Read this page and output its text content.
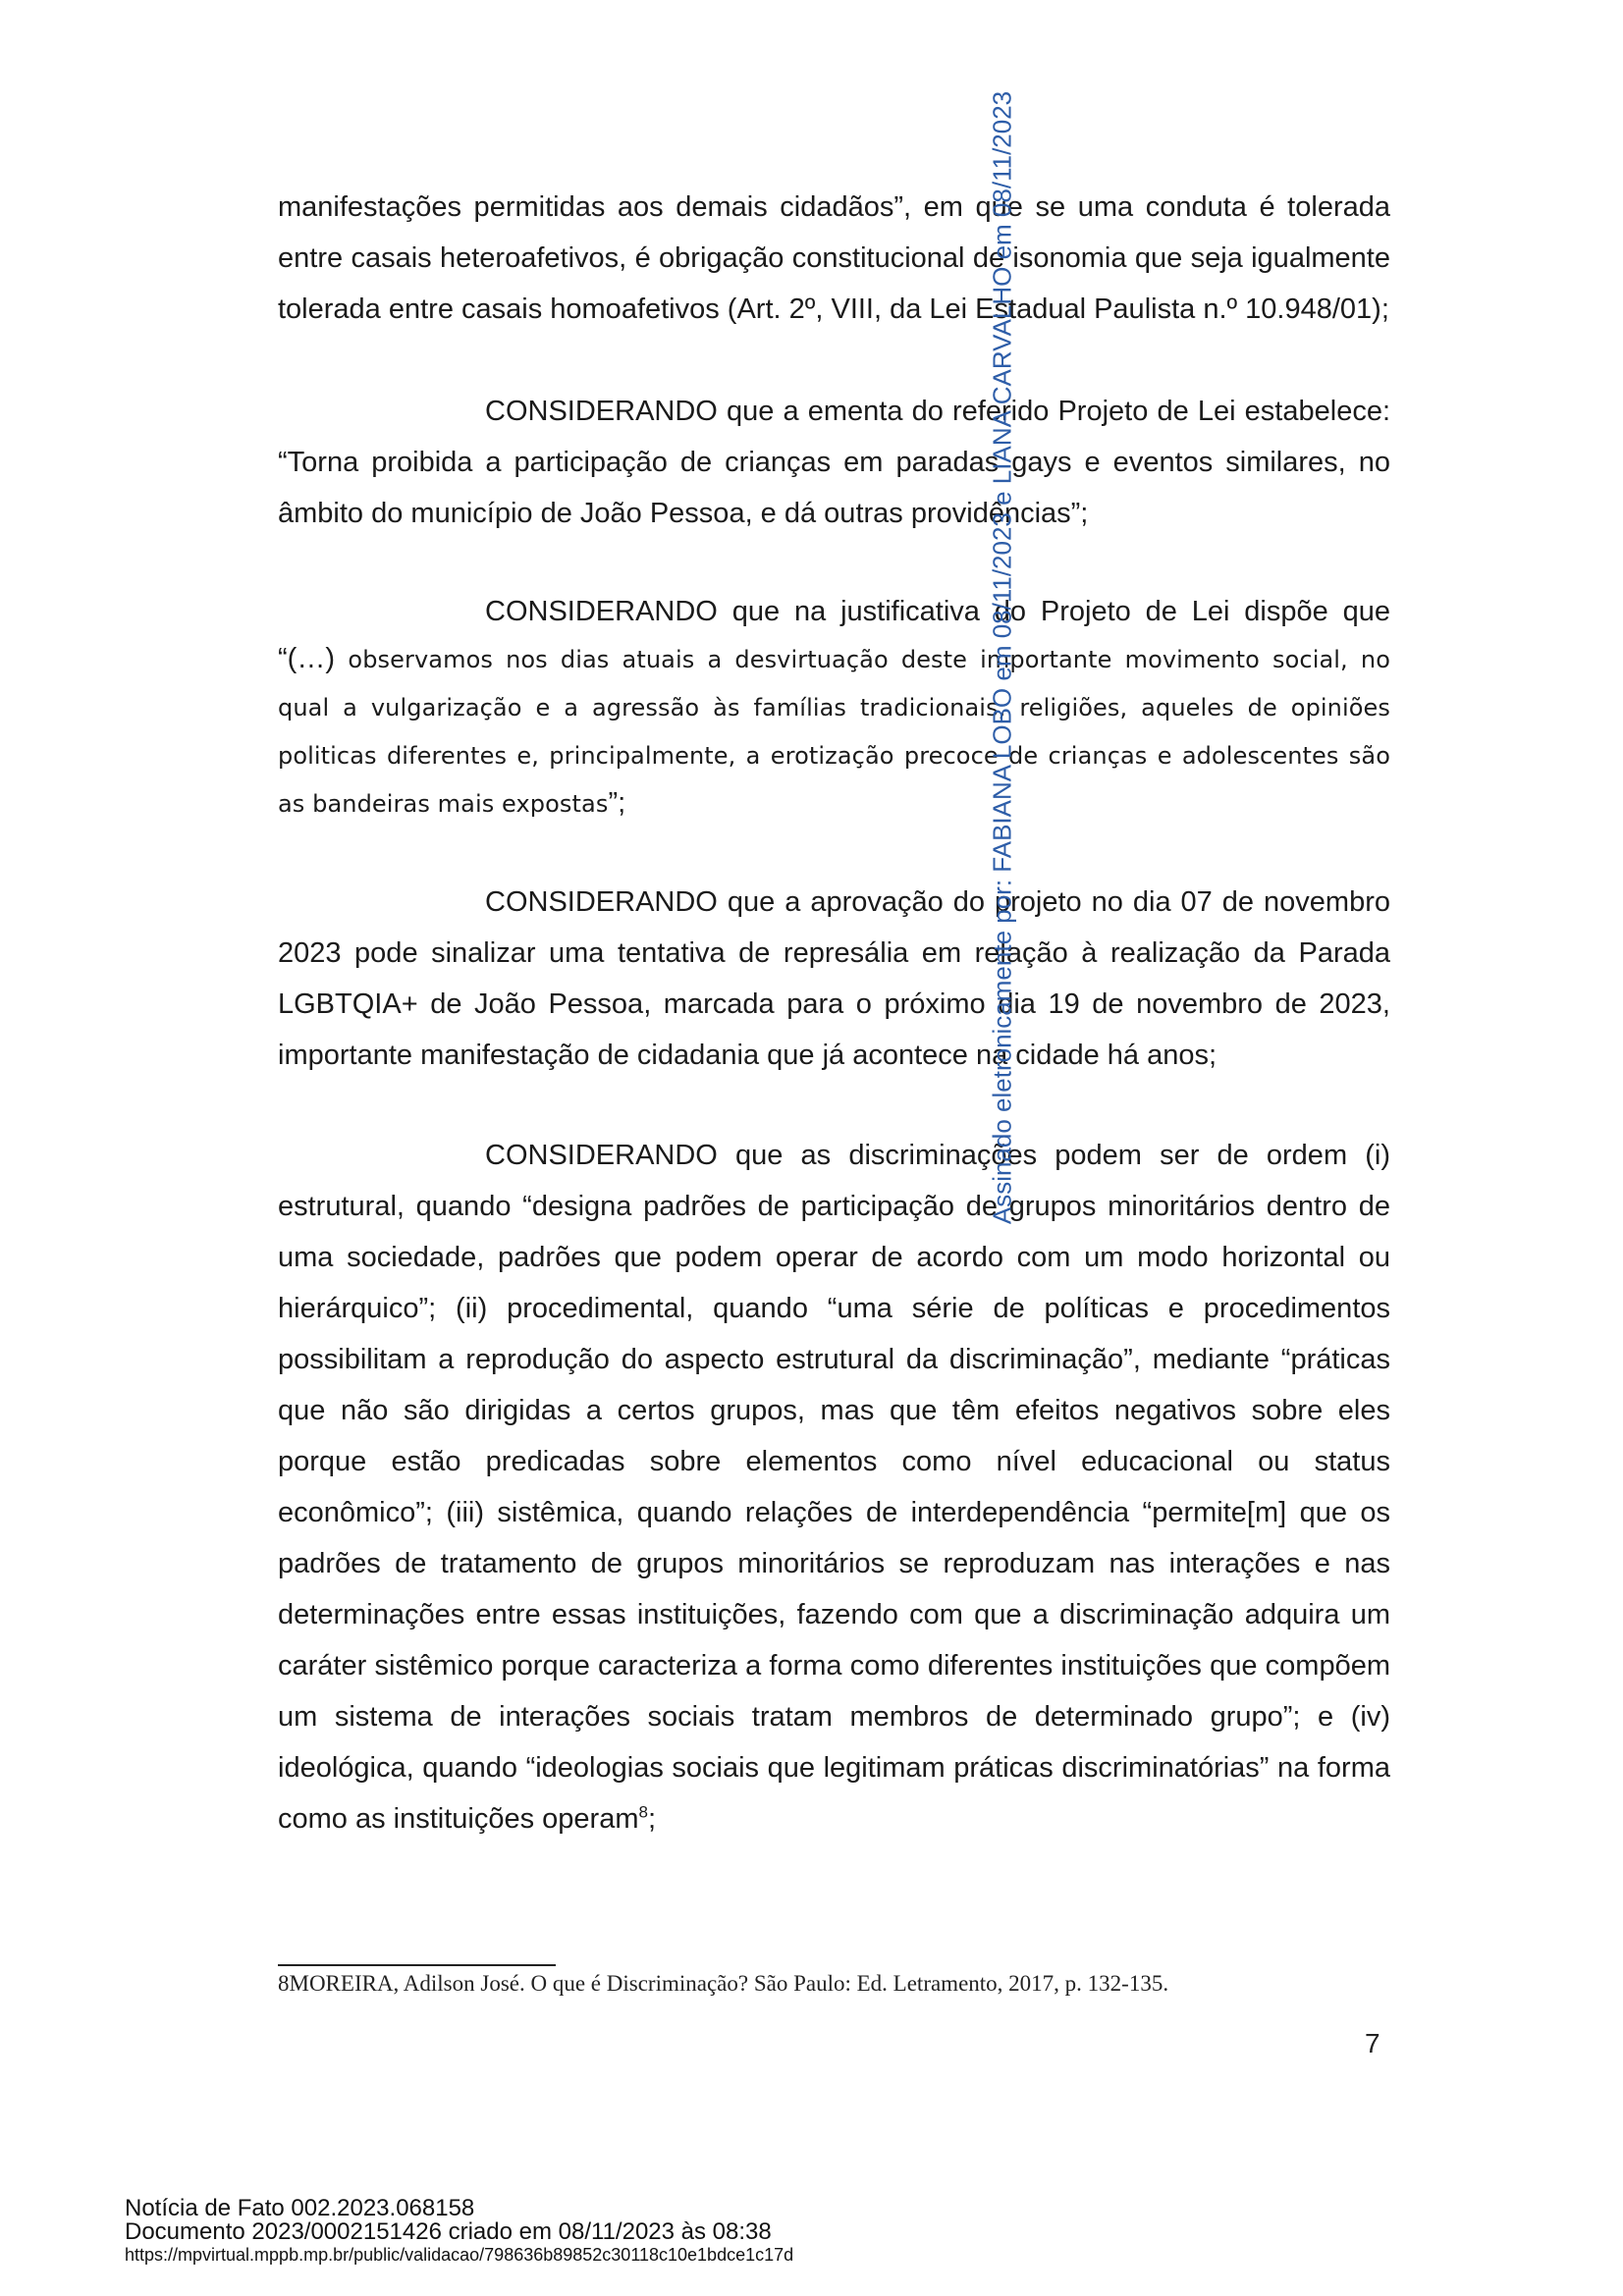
manifestações permitidas aos demais cidadãos”, em que se uma conduta é tolerada entre casais heteroafetivos, é obrigação constitucional de isonomia que seja igualmente tolerada entre casais homoafetivos (Art. 2º, VIII, da Lei Estadual Paulista n.º 10.948/01);

CONSIDERANDO que a ementa do referido Projeto de Lei estabelece: “Torna proibida a participação de crianças em paradas gays e eventos similares, no âmbito do município de João Pessoa, e dá outras providências”;

CONSIDERANDO que na justificativa do Projeto de Lei dispõe que “(…) observamos nos dias atuais a desvirtuação deste importante movimento social, no qual a vulgarização e a agressão às famílias tradicionais, religiões, aqueles de opiniões politicas diferentes e, principalmente, a erotização precoce de crianças e adolescentes são as bandeiras mais expostas”;

CONSIDERANDO que a aprovação do projeto no dia 07 de novembro 2023 pode sinalizar uma tentativa de represália em relação à realização da Parada LGBTQIA+ de João Pessoa, marcada para o próximo dia 19 de novembro de 2023, importante manifestação de cidadania que já acontece na cidade há anos;

CONSIDERANDO que as discriminações podem ser de ordem (i) estrutural, quando “designa padrões de participação de grupos minoritários dentro de uma sociedade, padrões que podem operar de acordo com um modo horizontal ou hierárquico”; (ii) procedimental, quando “uma série de políticas e procedimentos possibilitam a reprodução do aspecto estrutural da discriminação”, mediante “práticas que não são dirigidas a certos grupos, mas que têm efeitos negativos sobre eles porque estão predicadas sobre elementos como nível educacional ou status econômico”; (iii) sistêmica, quando relações de interdependência “permite[m] que os padrões de tratamento de grupos minoritários se reproduzam nas interações e nas determinações entre essas instituições, fazendo com que a discriminação adquira um caráter sistêmico porque caracteriza a forma como diferentes instituições que compõem um sistema de interações sociais tratam membros de determinado grupo”; e (iv) ideológica, quando “ideologias sociais que legitimam práticas discriminatórias” na forma como as instituições operam$^8$;

8MOREIRA, Adilson José. O que é Discriminação? São Paulo: Ed. Letramento, 2017, p. 132-135.
7
Assinado eletronicamente por: FABIANA LOBO em 08/11/2023 e LIANA CARVALHO em 08/11/2023
Notícia de Fato 002.2023.068158
Documento 2023/0002151426 criado em 08/11/2023 às 08:38
https://mpvirtual.mppb.mp.br/public/validacao/798636b89852c30118c10e1bdce1c17d
